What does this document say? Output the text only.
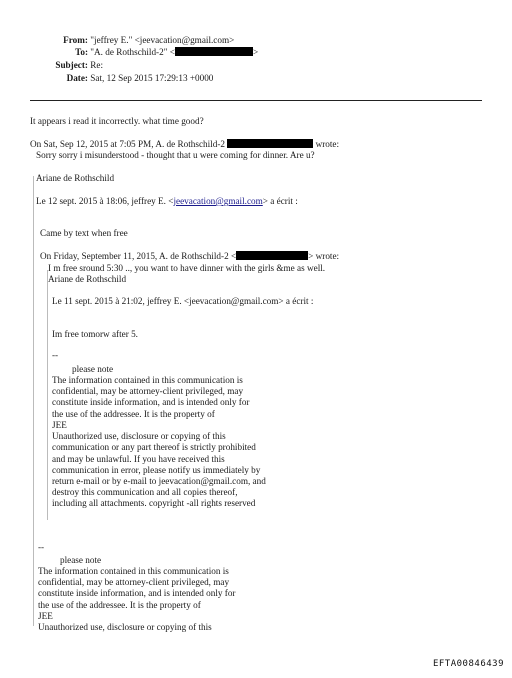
From: "jeffrey E." <jeevacation@gmail.com>
To: "A. de Rothschild-2" <	>
Subject: Re:
Date: Sat, 12 Sep 2015 17:29:13 +0000
It appears i read it incorrectly. what time good?
On Sat, Sep 12, 2015 at 7:05 PM, A. de Rothschild-2	wrote:
Sorry sorry i misunderstood - thought that u were coming for dinner. Are u?
Ariane de Rothschild
Le 12 sept. 2015 à 18:06, jeffrey E. <jeevacation@gmail.com> a écrit :
Came by text when free
On Friday, September 11, 2015, A. de Rothschild-2 <	> wrote:
I m free sround 5:30 .., you want to have dinner with the girls &me as well.
Ariane de Rothschild
Le 11 sept. 2015 à 21:02, jeffrey E. <jeevacation@gmail.com> a écrit :
Im free tomorw after 5.
--
please note
The information contained in this communication is
confidential, may be attorney-client privileged, may
constitute inside information, and is intended only for
the use of the addressee. It is the property of
JEE
Unauthorized use, disclosure or copying of this
communication or any part thereof is strictly prohibited
and may be unlawful. If you have received this
communication in error, please notify us immediately by
return e-mail or by e-mail to jeevacation@gmail.com, and
destroy this communication and all copies thereof,
including all attachments. copyright -all rights reserved
--
please note
The information contained in this communication is
confidential, may be attorney-client privileged, may
constitute inside information, and is intended only for
the use of the addressee. It is the property of
JEE
Unauthorized use, disclosure or copying of this
EFTA00846439
